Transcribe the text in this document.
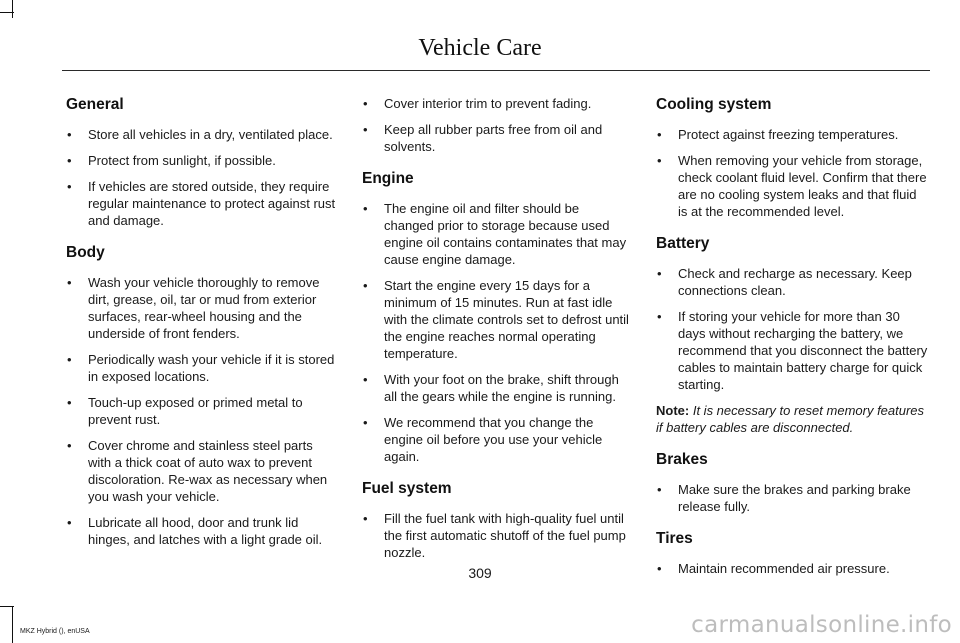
Vehicle Care
General
• Store all vehicles in a dry, ventilated place.
• Protect from sunlight, if possible.
• If vehicles are stored outside, they require regular maintenance to protect against rust and damage.
Body
• Wash your vehicle thoroughly to remove dirt, grease, oil, tar or mud from exterior surfaces, rear-wheel housing and the underside of front fenders.
• Periodically wash your vehicle if it is stored in exposed locations.
• Touch-up exposed or primed metal to prevent rust.
• Cover chrome and stainless steel parts with a thick coat of auto wax to prevent discoloration. Re-wax as necessary when you wash your vehicle.
• Lubricate all hood, door and trunk lid hinges, and latches with a light grade oil.
• Cover interior trim to prevent fading.
• Keep all rubber parts free from oil and solvents.
Engine
• The engine oil and filter should be changed prior to storage because used engine oil contains contaminates that may cause engine damage.
• Start the engine every 15 days for a minimum of 15 minutes. Run at fast idle with the climate controls set to defrost until the engine reaches normal operating temperature.
• With your foot on the brake, shift through all the gears while the engine is running.
• We recommend that you change the engine oil before you use your vehicle again.
Fuel system
• Fill the fuel tank with high-quality fuel until the first automatic shutoff of the fuel pump nozzle.
Cooling system
• Protect against freezing temperatures.
• When removing your vehicle from storage, check coolant fluid level. Confirm that there are no cooling system leaks and that fluid is at the recommended level.
Battery
• Check and recharge as necessary. Keep connections clean.
• If storing your vehicle for more than 30 days without recharging the battery, we recommend that you disconnect the battery cables to maintain battery charge for quick starting.
Note: It is necessary to reset memory features if battery cables are disconnected.
Brakes
• Make sure the brakes and parking brake release fully.
Tires
• Maintain recommended air pressure.
309
MKZ Hybrid (), enUSA	carmanualsonline.info
